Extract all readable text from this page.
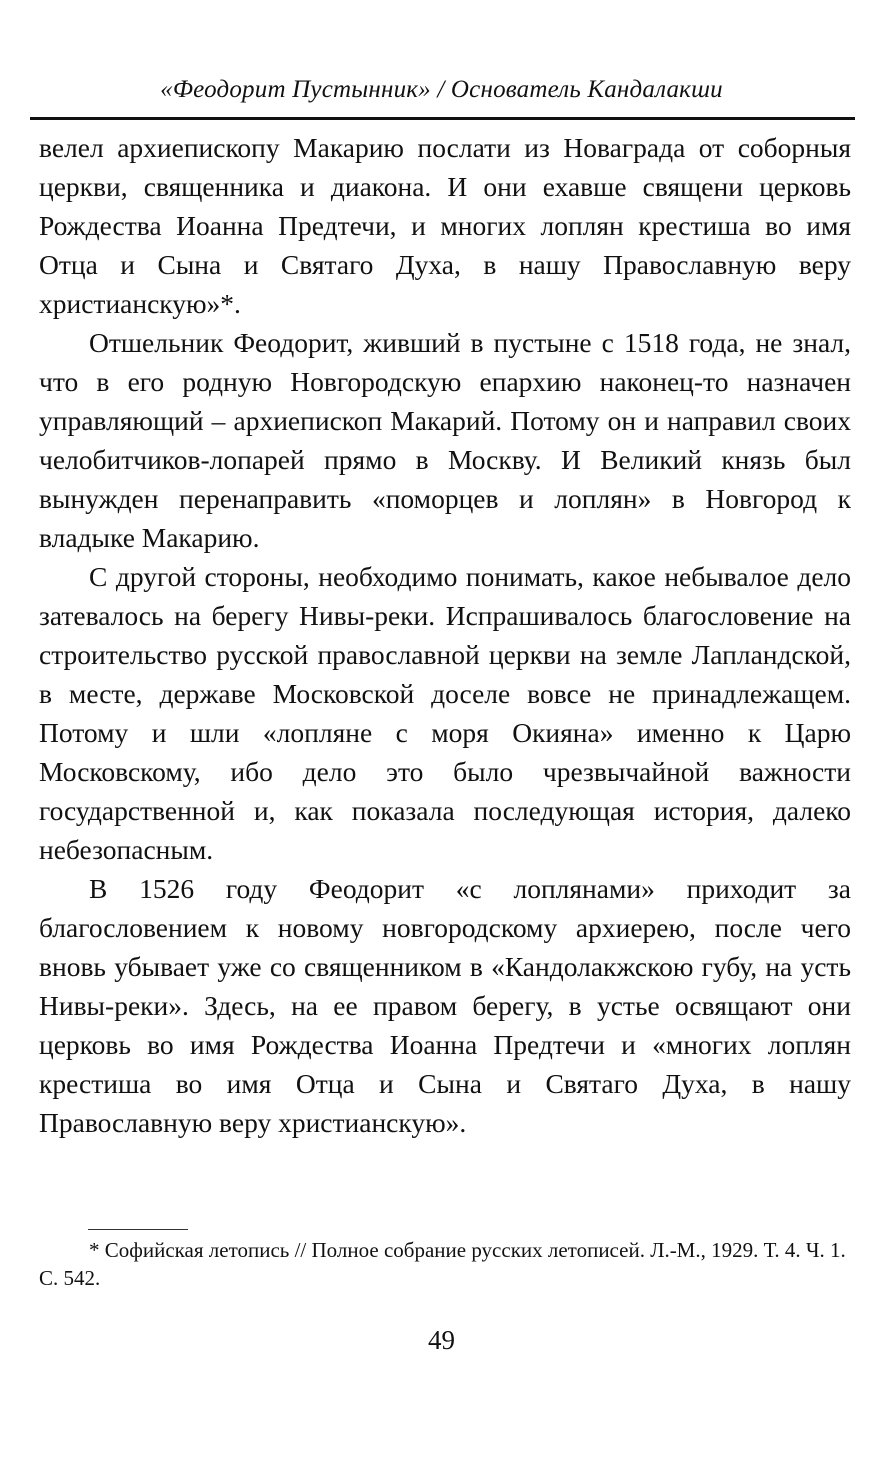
«Феодорит Пустынник» / Основатель Кандалакши

велел архиепископу Макарию послати из Новаграда от соборныя церкви, священника и диакона. И они ехавше священи церковь Рождества Иоанна Предтечи, и многих лоплян крестиша во имя Отца и Сына и Святаго Духа, в нашу Православную веру христианскую»*.

Отшельник Феодорит, живший в пустыне с 1518 года, не знал, что в его родную Новгородскую епархию наконец-то назначен управляющий – архиепископ Макарий. Потому он и направил своих челобитчиков-лопарей прямо в Москву. И Великий князь был вынужден перенаправить «поморцев и лоплян» в Новгород к владыке Макарию.

С другой стороны, необходимо понимать, какое небывалое дело затевалось на берегу Нивы-реки. Испрашивалось благословение на строительство русской православной церкви на земле Лапландской, в месте, державе Московской доселе вовсе не принадлежащем. Потому и шли «лопляне с моря Окияна» именно к Царю Московскому, ибо дело это было чрезвычайной важности государственной и, как показала последующая история, далеко небезопасным.

В 1526 году Феодорит «с лоплянами» приходит за благословением к новому новгородскому архиерею, после чего вновь убывает уже со священником в «Кандолакжскою губу, на усть Нивы-реки». Здесь, на ее правом берегу, в устье освящают они церковь во имя Рождества Иоанна Предтечи и «многих лоплян крестиша во имя Отца и Сына и Святаго Духа, в нашу Православную веру христианскую».

* Софийская летопись // Полное собрание русских летописей. Л.-М., 1929. Т. 4. Ч. 1. С. 542.
49
